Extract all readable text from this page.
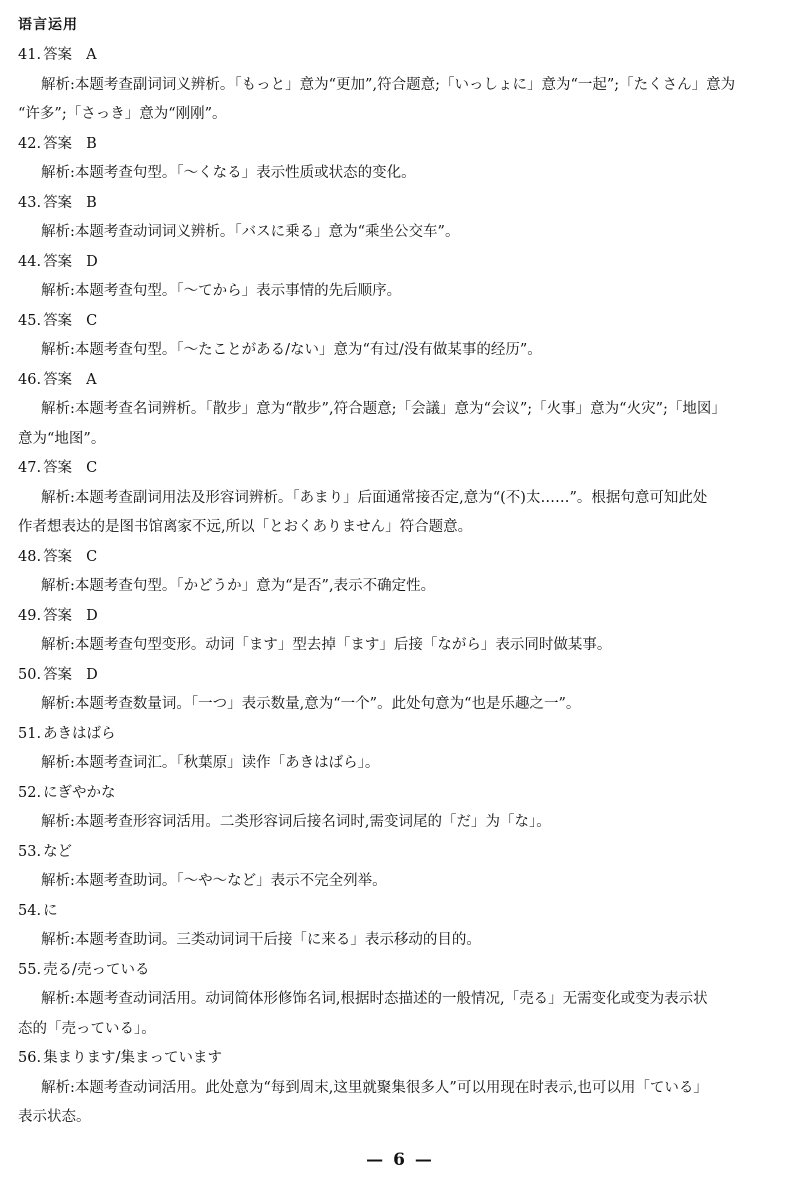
语言运用
41. 答案 A
解析:本题考查副词词义辨析。「もっと」意为“更加”,符合题意;「いっしょに」意为“一起”;「たくさん」意为
“许多”;「さっき」意为“刚刚”。
42. 答案 B
解析:本题考查句型。「～くなる」表示性质或状态的变化。
43. 答案 B
解析:本题考查动词词义辨析。「バスに乗る」意为“乘坐公交车”。
44. 答案 D
解析:本题考查句型。「～てから」表示事情的先后顺序。
45. 答案 C
解析:本题考查句型。「～たことがある/ない」意为“有过/没有做某事的经历”。
46. 答案 A
解析:本题考查名词辨析。「散步」意为“散步”,符合题意;「会議」意为“会议”;「火事」意为“火灾”;「地図」
意为“地图”。
47. 答案 C
解析:本题考查副词用法及形容词辨析。「あまり」后面通常接否定,意为“(不)太……”。根据句意可知此处
作者想表达的是图书馆离家不远,所以「とおくありません」符合题意。
48. 答案 C
解析:本题考查句型。「かどうか」意为“是否”,表示不确定性。
49. 答案 D
解析:本题考查句型变形。动词「ます」型去掉「ます」后接「ながら」表示同时做某事。
50. 答案 D
解析:本题考查数量词。「一つ」表示数量,意为“一个”。此处句意为“也是乐趣之一”。
51. あきはばら
解析:本题考查词汇。「秋葉原」读作「あきはばら」。
52. にぎやかな
解析:本题考查形容词活用。二类形容词后接名词时,需变词尾的「だ」为「な」。
53. など
解析:本题考查助词。「～や～など」表示不完全列举。
54. に
解析:本题考查助词。三类动词词干后接「に来る」表示移动的目的。
55. 売る/売っている
解析:本题考查动词活用。动词简体形修饰名词,根据时态描述的一般情况,「売る」无需变化或变为表示状
态的「売っている」。
56. 集まります/集まっています
解析:本题考查动词活用。此处意为“每到周末,这里就聚集很多人”可以用现在时表示,也可以用「ている」
表示状态。
— 6 —
